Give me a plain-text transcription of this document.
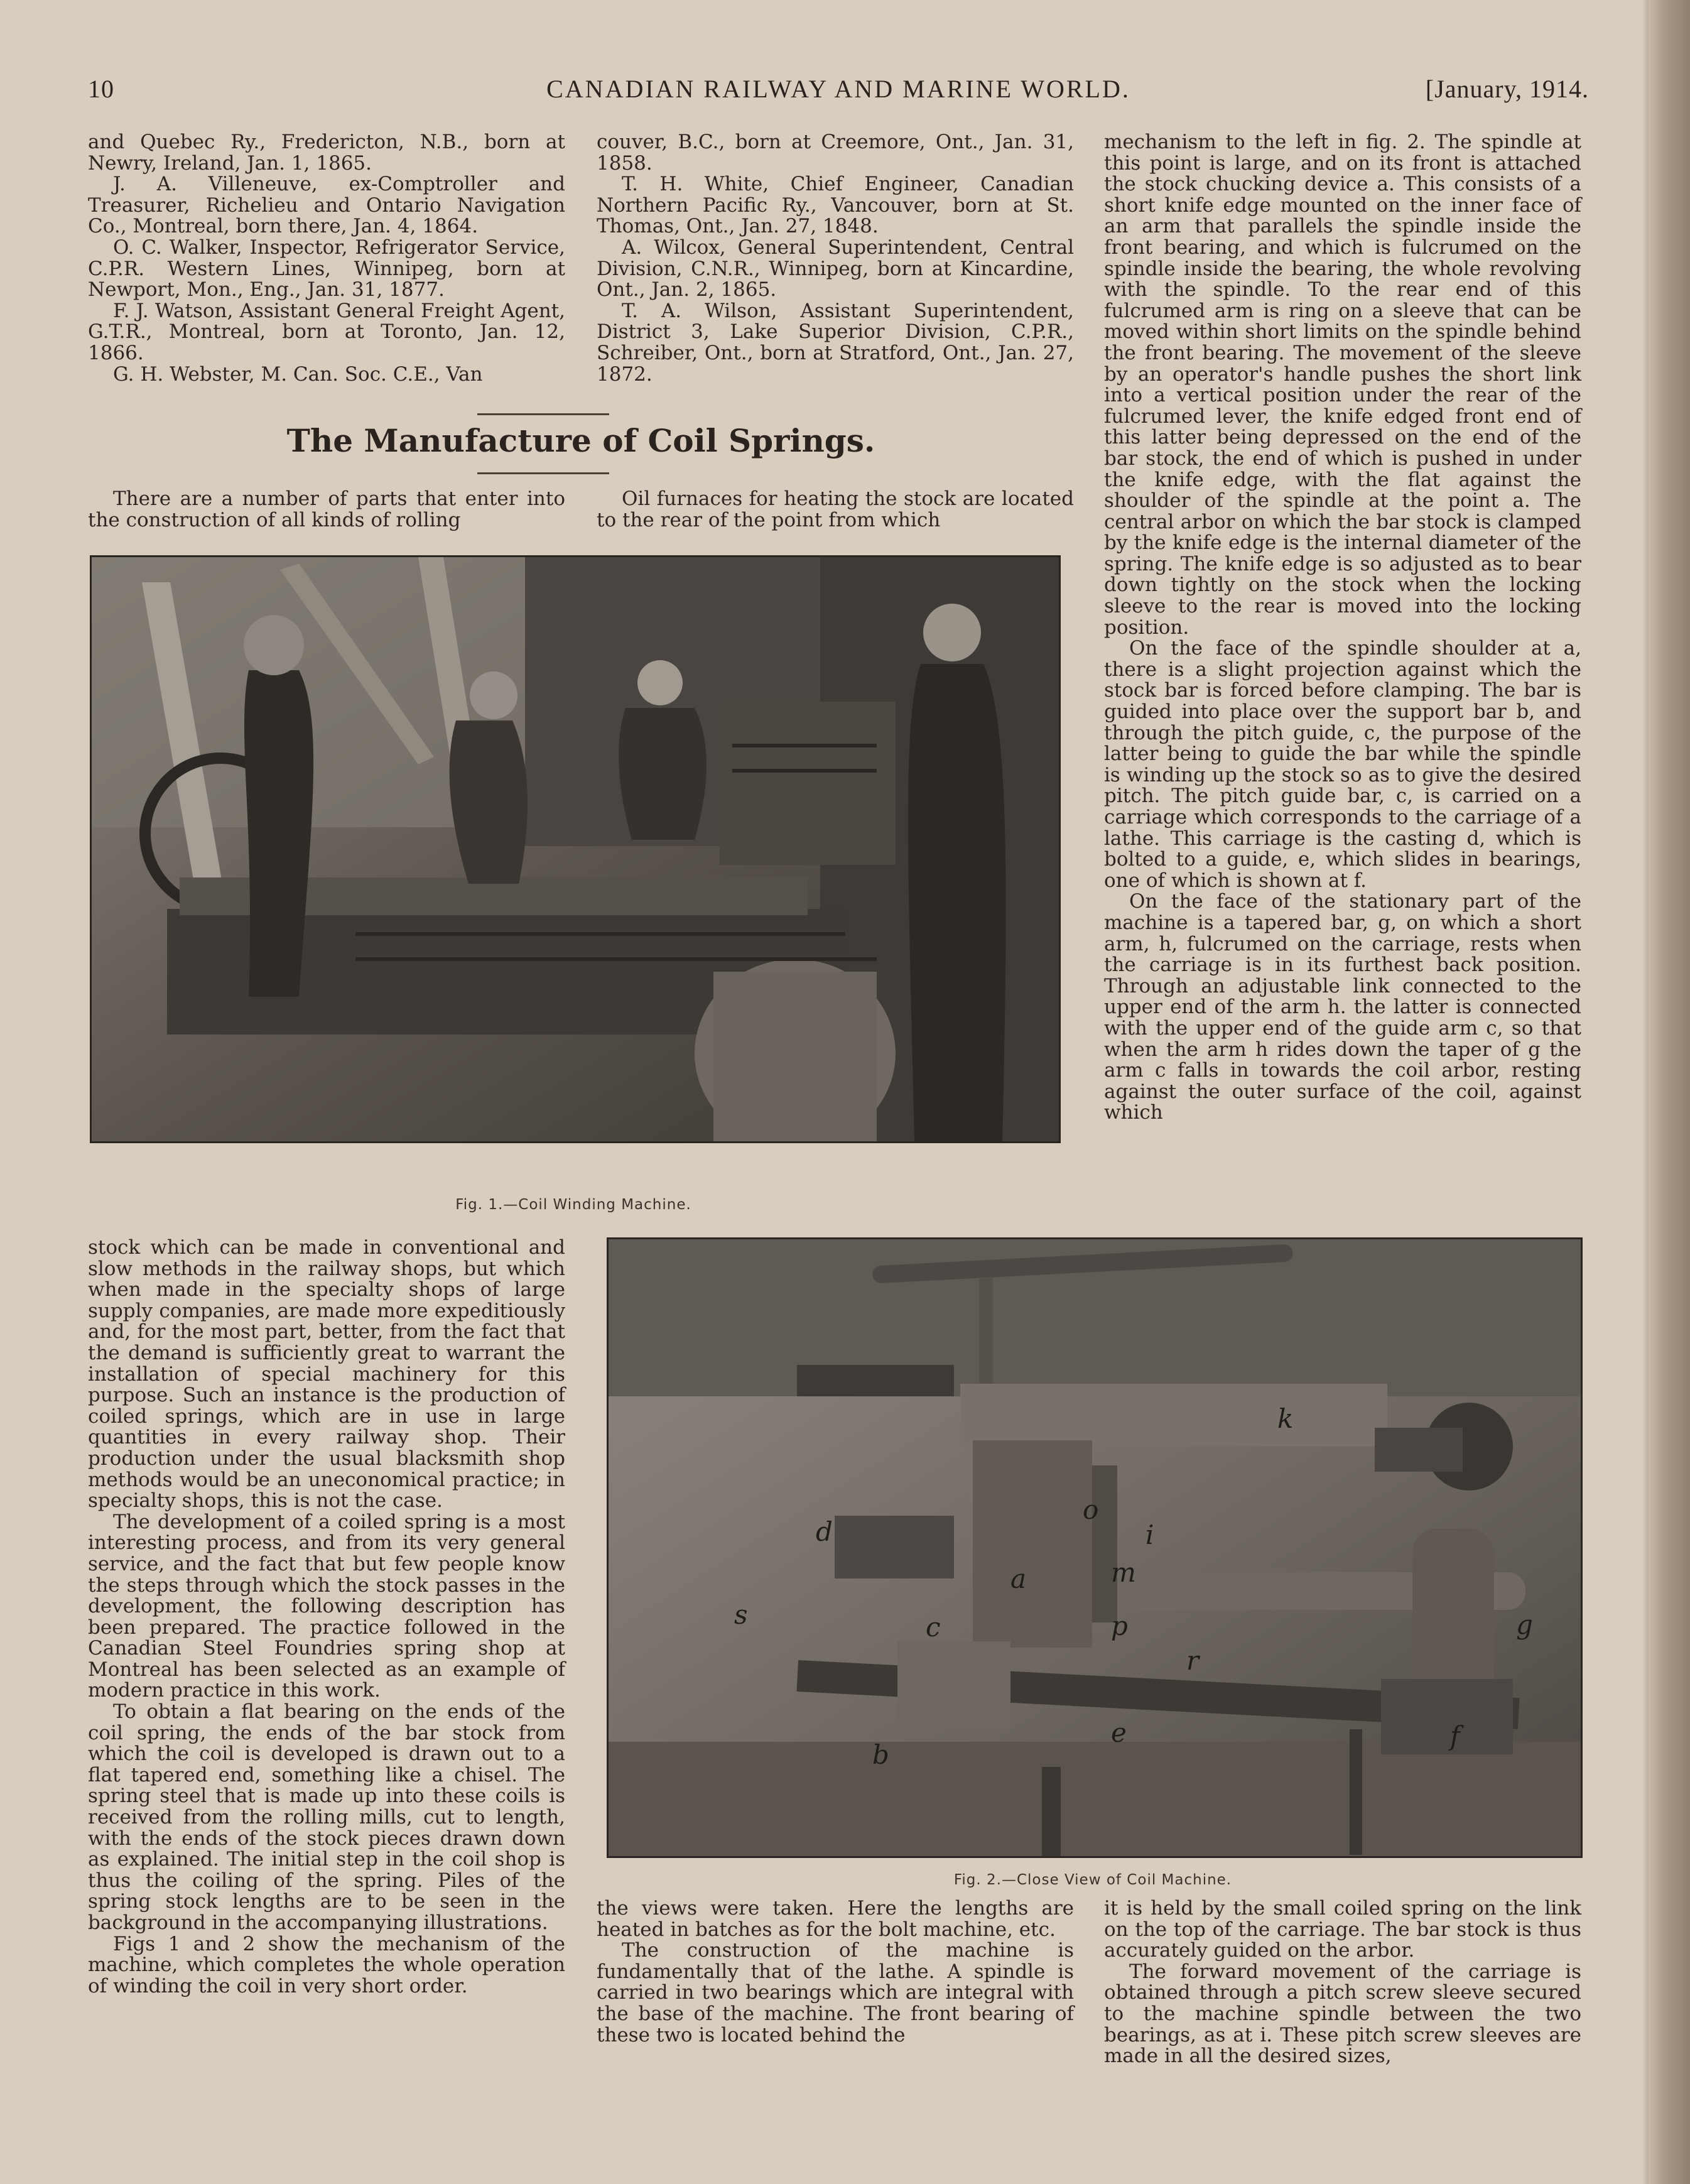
10	CANADIAN RAILWAY AND MARINE WORLD.	[January, 1914.

and Quebec Ry., Fredericton, N.B., born at Newry, Ireland, Jan. 1, 1865.

J. A. Villeneuve, ex-Comptroller and Treasurer, Richelieu and Ontario Navigation Co., Montreal, born there, Jan. 4, 1864.

O. C. Walker, Inspector, Refrigerator Service, C.P.R. Western Lines, Winnipeg, born at Newport, Mon., Eng., Jan. 31, 1877.

F. J. Watson, Assistant General Freight Agent, G.T.R., Montreal, born at Toronto, Jan. 12, 1866.

G. H. Webster, M. Can. Soc. C.E., Van

couver, B.C., born at Creemore, Ont., Jan. 31, 1858.

T. H. White, Chief Engineer, Canadian Northern Pacific Ry., Vancouver, born at St. Thomas, Ont., Jan. 27, 1848.

A. Wilcox, General Superintendent, Central Division, C.N.R., Winnipeg, born at Kincardine, Ont., Jan. 2, 1865.

T. A. Wilson, Assistant Superintendent, District 3, Lake Superior Division, C.P.R., Schreiber, Ont., born at Stratford, Ont., Jan. 27, 1872.

The Manufacture of Coil Springs.

There are a number of parts that enter into the construction of all kinds of rolling

Oil furnaces for heating the stock are located to the rear of the point from which

mechanism to the left in fig. 2. The spindle at this point is large, and on its front is attached the stock chucking device a. This consists of a short knife edge mounted on the inner face of an arm that parallels the spindle inside the front bearing, and which is fulcrumed on the spindle inside the bearing, the whole revolving with the spindle. To the rear end of this fulcrumed arm is ring on a sleeve that can be moved within short limits on the spindle behind the front bearing. The movement of the sleeve by an operator's handle pushes the short link into a vertical position under the rear of the fulcrumed lever, the knife edged front end of this latter being depressed on the end of the bar stock, the end of which is pushed in under the knife edge, with the flat against the shoulder of the spindle at the point a. The central arbor on which the bar stock is clamped by the knife edge is the internal diameter of the spring. The knife edge is so adjusted as to bear down tightly on the stock when the locking sleeve to the rear is moved into the locking position.

On the face of the spindle shoulder at a, there is a slight projection against which the stock bar is forced before clamping. The bar is guided into place over the support bar b, and through the pitch guide, c, the purpose of the latter being to guide the bar while the spindle is winding up the stock so as to give the desired pitch. The pitch guide bar, c, is carried on a carriage which corresponds to the carriage of a lathe. This carriage is the casting d, which is bolted to a guide, e, which slides in bearings, one of which is shown at f.

On the face of the stationary part of the machine is a tapered bar, g, on which a short arm, h, fulcrumed on the carriage, rests when the carriage is in its furthest back position. Through an adjustable link connected to the upper end of the arm h. the latter is connected with the upper end of the guide arm c, so that when the arm h rides down the taper of g the arm c falls in towards the coil arbor, resting against the outer surface of the coil, against which

Fig. 1.—Coil Winding Machine.

stock which can be made in conventional and slow methods in the railway shops, but which when made in the specialty shops of large supply companies, are made more expeditiously and, for the most part, better, from the fact that the demand is sufficiently great to warrant the installation of special machinery for this purpose. Such an instance is the production of coiled springs, which are in use in large quantities in every railway shop. Their production under the usual blacksmith shop methods would be an uneconomical practice; in specialty shops, this is not the case.

The development of a coiled spring is a most interesting process, and from its very general service, and the fact that but few people know the steps through which the stock passes in the development, the following description has been prepared. The practice followed in the Canadian Steel Foundries spring shop at Montreal has been selected as an example of modern practice in this work.

To obtain a flat bearing on the ends of the coil spring, the ends of the bar stock from which the coil is developed is drawn out to a flat tapered end, something like a chisel. The spring steel that is made up into these coils is received from the rolling mills, cut to length, with the ends of the stock pieces drawn down as explained. The initial step in the coil shop is thus the coiling of the spring. Piles of the spring stock lengths are to be seen in the background in the accompanying illustrations.

Figs 1 and 2 show the mechanism of the machine, which completes the whole operation of winding the coil in very short order.

k
o
i
m
d
a
c	p
r
s	g
e	f
b
Fig. 2.—Close View of Coil Machine.

the views were taken. Here the lengths are heated in batches as for the bolt machine, etc.

The construction of the machine is fundamentally that of the lathe. A spindle is carried in two bearings which are integral with the base of the machine. The front bearing of these two is located behind the

it is held by the small coiled spring on the link on the top of the carriage. The bar stock is thus accurately guided on the arbor.

The forward movement of the carriage is obtained through a pitch screw sleeve secured to the machine spindle between the two bearings, as at i. These pitch screw sleeves are made in all the desired sizes,
